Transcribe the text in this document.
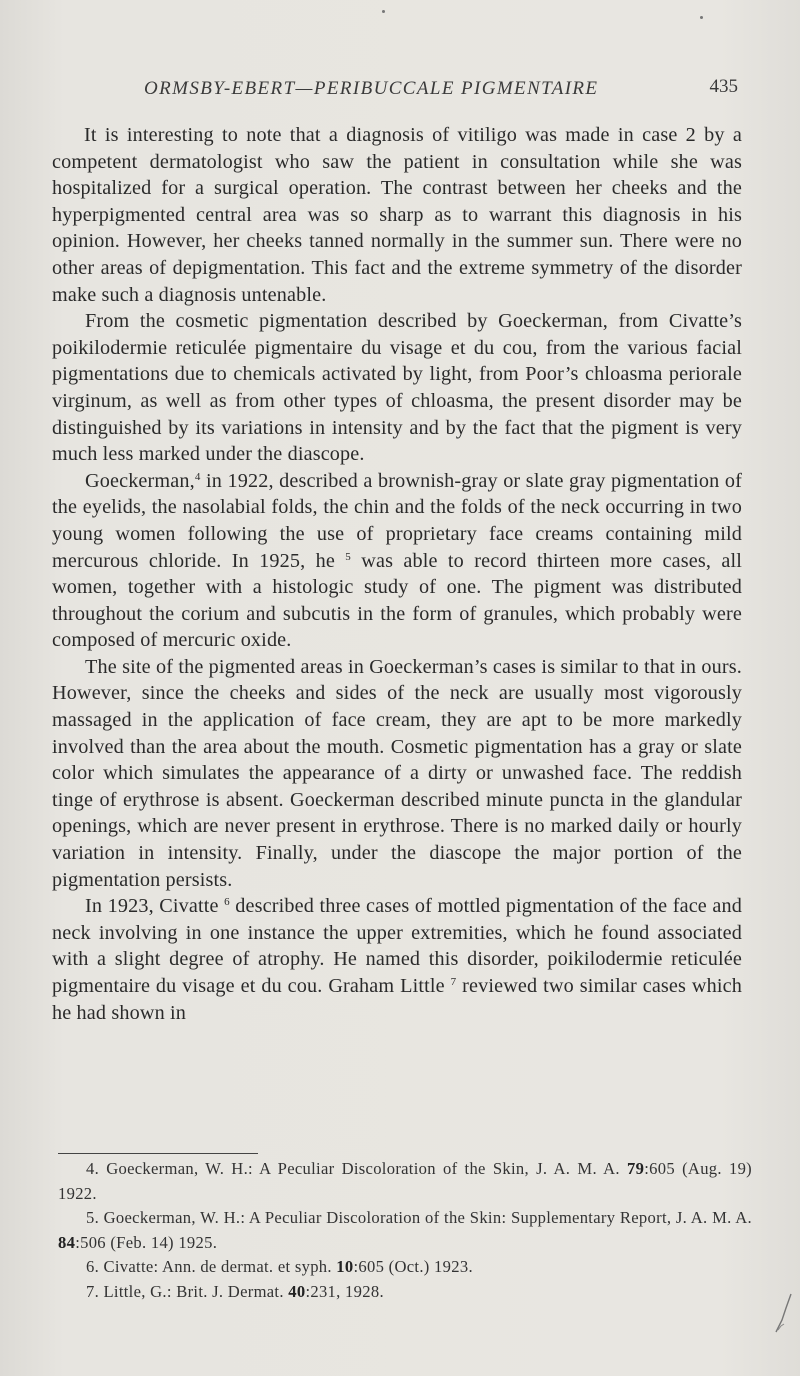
ORMSBY-EBERT—PERIBUCCALE PIGMENTAIRE	435

It is interesting to note that a diagnosis of vitiligo was made in case 2 by a competent dermatologist who saw the patient in consultation while she was hospitalized for a surgical operation. The contrast between her cheeks and the hyperpigmented central area was so sharp as to warrant this diagnosis in his opinion. However, her cheeks tanned normally in the summer sun. There were no other areas of depigmentation. This fact and the extreme symmetry of the disorder make such a diagnosis untenable.

From the cosmetic pigmentation described by Goeckerman, from Civatte’s poikilodermie reticulée pigmentaire du visage et du cou, from the various facial pigmentations due to chemicals activated by light, from Poor’s chloasma periorale virginum, as well as from other types of chloasma, the present disorder may be distinguished by its variations in intensity and by the fact that the pigment is very much less marked under the diascope.

Goeckerman,$^4$ in 1922, described a brownish-gray or slate gray pigmentation of the eyelids, the nasolabial folds, the chin and the folds of the neck occurring in two young women following the use of proprietary face creams containing mild mercurous chloride. In 1925, he $^5$ was able to record thirteen more cases, all women, together with a histologic study of one. The pigment was distributed throughout the corium and subcutis in the form of granules, which probably were composed of mercuric oxide.

The site of the pigmented areas in Goeckerman’s cases is similar to that in ours. However, since the cheeks and sides of the neck are usually most vigorously massaged in the application of face cream, they are apt to be more markedly involved than the area about the mouth. Cosmetic pigmentation has a gray or slate color which simulates the appearance of a dirty or unwashed face. The reddish tinge of erythrose is absent. Goeckerman described minute puncta in the glandular openings, which are never present in erythrose. There is no marked daily or hourly variation in intensity. Finally, under the diascope the major portion of the pigmentation persists.

In 1923, Civatte $^6$ described three cases of mottled pigmentation of the face and neck involving in one instance the upper extremities, which he found associated with a slight degree of atrophy. He named this disorder, poikilodermie reticulée pigmentaire du visage et du cou. Graham Little $^7$ reviewed two similar cases which he had shown in

4. Goeckerman, W. H.: A Peculiar Discoloration of the Skin, J. A. M. A. 79:605 (Aug. 19) 1922.

5. Goeckerman, W. H.: A Peculiar Discoloration of the Skin: Supplementary Report, J. A. M. A. 84:506 (Feb. 14) 1925.

6. Civatte: Ann. de dermat. et syph. 10:605 (Oct.) 1923.

7. Little, G.: Brit. J. Dermat. 40:231, 1928.
